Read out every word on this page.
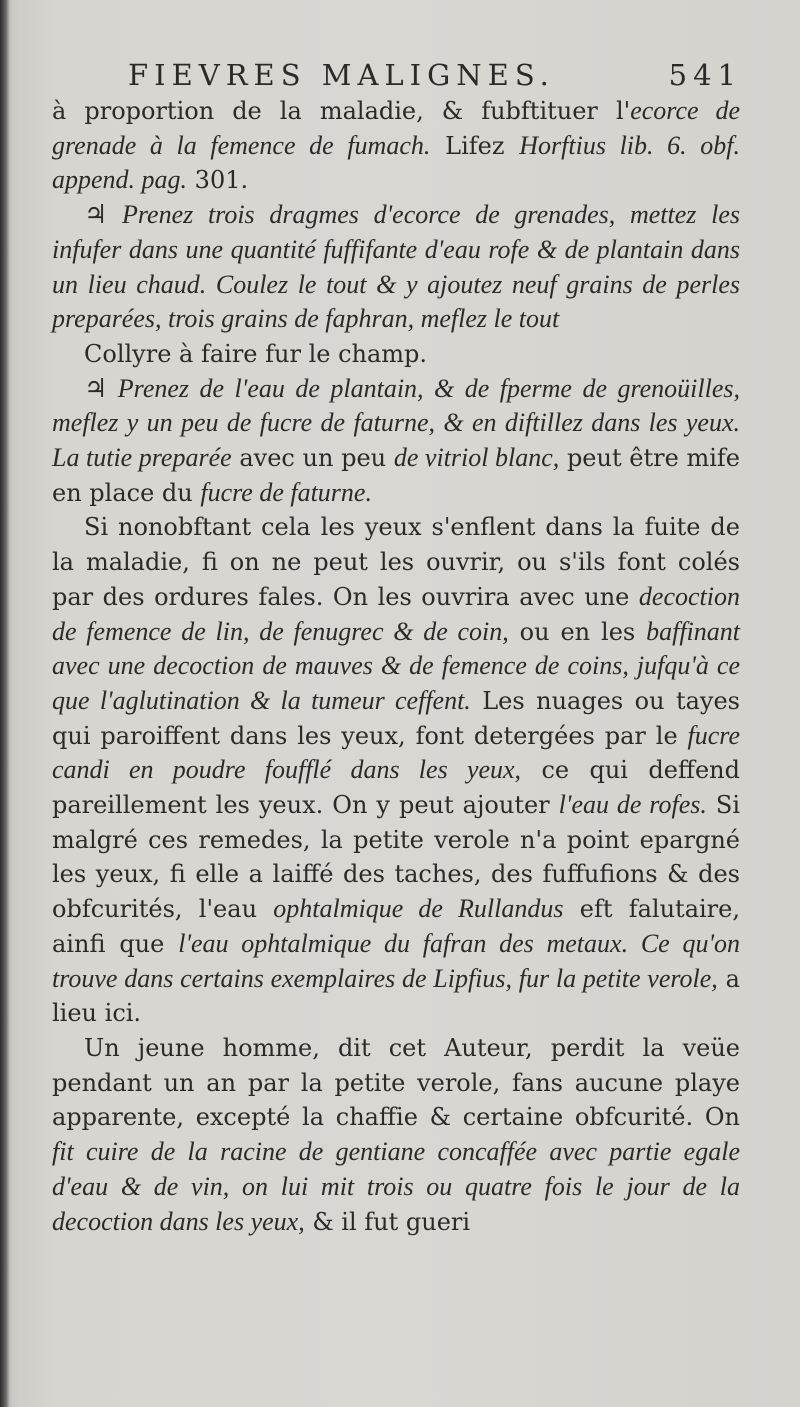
FIEVRES MALIGNES.	541

à proportion de la maladie, & fubftituer l'ecorce de grenade à la femence de fumach. Lifez Horftius lib. 6. obf. append. pag. 301.

♃ Prenez trois dragmes d'ecorce de grenades, mettez les infufer dans une quantité fuffifante d'eau rofe & de plantain dans un lieu chaud. Coulez le tout & y ajoutez neuf grains de perles preparées, trois grains de faphran, meflez le tout

Collyre à faire fur le champ.

♃ Prenez de l'eau de plantain, & de fperme de grenoüilles, meflez y un peu de fucre de faturne, & en diftillez dans les yeux. La tutie preparée avec un peu de vitriol blanc, peut être mife en place du fucre de faturne.

Si nonobftant cela les yeux s'enflent dans la fuite de la maladie, fi on ne peut les ouvrir, ou s'ils font colés par des ordures fales. On les ouvrira avec une decoction de femence de lin, de fenugrec & de coin, ou en les baffinant avec une decoction de mauves & de femence de coins, jufqu'à ce que l'aglutination & la tumeur ceffent. Les nuages ou tayes qui paroiffent dans les yeux, font detergées par le fucre candi en poudre foufflé dans les yeux, ce qui deffend pareillement les yeux. On y peut ajouter l'eau de rofes. Si malgré ces remedes, la petite verole n'a point epargné les yeux, fi elle a laiffé des taches, des fuffufions & des obfcurités, l'eau ophtalmique de Rullandus eft falutaire, ainfi que l'eau ophtalmique du fafran des metaux. Ce qu'on trouve dans certains exemplaires de Lipfius, fur la petite verole, a lieu ici.

Un jeune homme, dit cet Auteur, perdit la veüe pendant un an par la petite verole, fans aucune playe apparente, excepté la chaffie & certaine obfcurité. On fit cuire de la racine de gentiane concaffée avec partie egale d'eau & de vin, on lui mit trois ou quatre fois le jour de la decoction dans les yeux, & il fut gueri
